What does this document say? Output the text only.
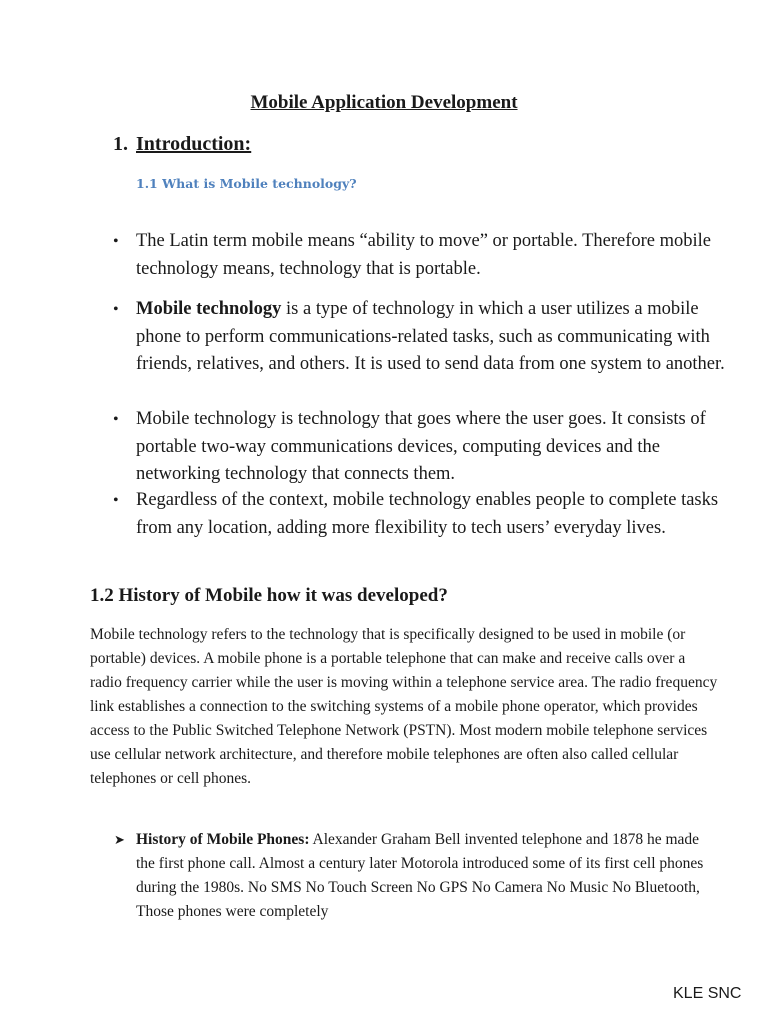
Mobile Application Development
1. Introduction:
1.1 What is Mobile technology?
• The Latin term mobile means “ability to move” or portable. Therefore mobile technology means, technology that is portable.
• Mobile technology is a type of technology in which a user utilizes a mobile phone to perform communications-related tasks, such as communicating with friends, relatives, and others. It is used to send data from one system to another.
• Mobile technology is technology that goes where the user goes. It consists of portable two-way communications devices, computing devices and the networking technology that connects them.
• Regardless of the context, mobile technology enables people to complete tasks from any location, adding more flexibility to tech users’ everyday lives.
1.2 History of Mobile how it was developed?

Mobile technology refers to the technology that is specifically designed to be used in mobile (or portable) devices. A mobile phone is a portable telephone that can make and receive calls over a radio frequency carrier while the user is moving within a telephone service area. The radio frequency link establishes a connection to the switching systems of a mobile phone operator, which provides access to the Public Switched Telephone Network (PSTN). Most modern mobile telephone services use cellular network architecture, and therefore mobile telephones are often also called cellular telephones or cell phones.

➤ History of Mobile Phones: Alexander Graham Bell invented telephone and 1878 he made the first phone call. Almost a century later Motorola introduced some of its first cell phones during the 1980s. No SMS No Touch Screen No GPS No Camera No Music No Bluetooth, Those phones were completely

KLE SNC
